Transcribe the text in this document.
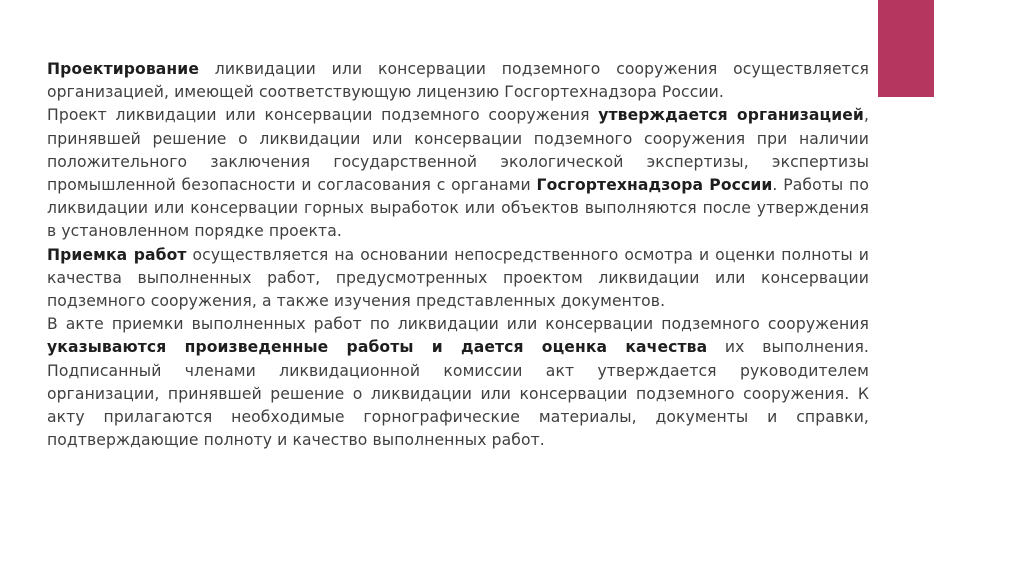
Проектирование ликвидации или консервации подземного сооружения осуществляется организацией, имеющей соответствующую лицензию Госгортехнадзора России.

Проект ликвидации или консервации подземного сооружения утверждается организацией, принявшей решение о ликвидации или консервации подземного сооружения при наличии положительного заключения государственной экологической экспертизы, экспертизы промышленной безопасности и согласования с органами Госгортехнадзора России. Работы по ликвидации или консервации горных выработок или объектов выполняются после утверждения в установленном порядке проекта.

Приемка работ осуществляется на основании непосредственного осмотра и оценки полноты и качества выполненных работ, предусмотренных проектом ликвидации или консервации подземного сооружения, а также изучения представленных документов.

В акте приемки выполненных работ по ликвидации или консервации подземного сооружения указываются произведенные работы и дается оценка качества их выполнения. Подписанный членами ликвидационной комиссии акт утверждается руководителем организации, принявшей решение о ликвидации или консервации подземного сооружения. К акту прилагаются необходимые горнографические материалы, документы и справки, подтверждающие полноту и качество выполненных работ.
